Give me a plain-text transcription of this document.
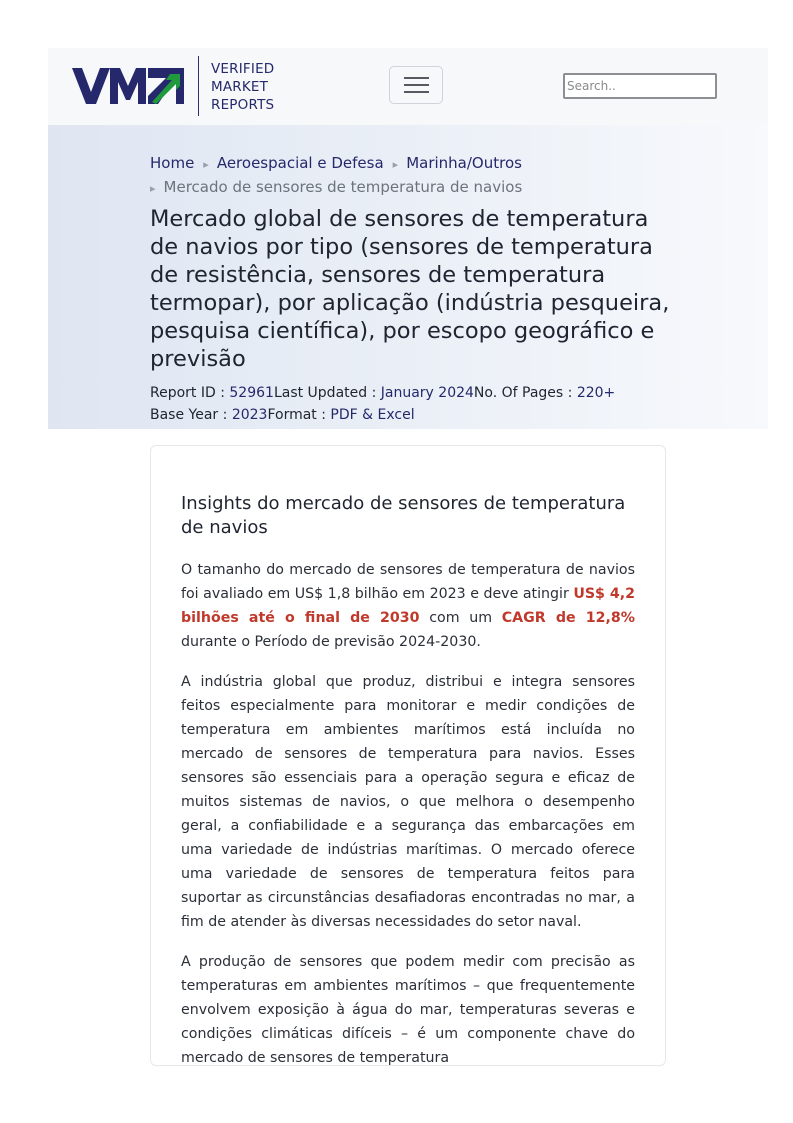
VERIFIED
MARKET
REPORTS
Search..
Home ▸ Aeroespacial e Defesa ▸ Marinha/Outros
▸ Mercado de sensores de temperatura de navios
Mercado global de sensores de temperatura de navios por tipo (sensores de temperatura de resistência, sensores de temperatura termopar), por aplicação (indústria pesqueira, pesquisa científica), por escopo geográfico e previsão
Report ID : 52961Last Updated : January 2024No. Of Pages : 220+
Base Year : 2023Format : PDF & Excel
Insights do mercado de sensores de temperatura de navios

O tamanho do mercado de sensores de temperatura de navios foi avaliado em US$ 1,8 bilhão em 2023 e deve atingir US$ 4,2 bilhões até o final de 2030 com um CAGR de 12,8% durante o Período de previsão 2024-2030.

A indústria global que produz, distribui e integra sensores feitos especialmente para monitorar e medir condições de temperatura em ambientes marítimos está incluída no mercado de sensores de temperatura para navios. Esses sensores são essenciais para a operação segura e eficaz de muitos sistemas de navios, o que melhora o desempenho geral, a confiabilidade e a segurança das embarcações em uma variedade de indústrias marítimas. O mercado oferece uma variedade de sensores de temperatura feitos para suportar as circunstâncias desafiadoras encontradas no mar, a fim de atender às diversas necessidades do setor naval.

A produção de sensores que podem medir com precisão as temperaturas em ambientes marítimos – que frequentemente envolvem exposição à água do mar, temperaturas severas e condições climáticas difíceis – é um componente chave do mercado de sensores de temperatura
